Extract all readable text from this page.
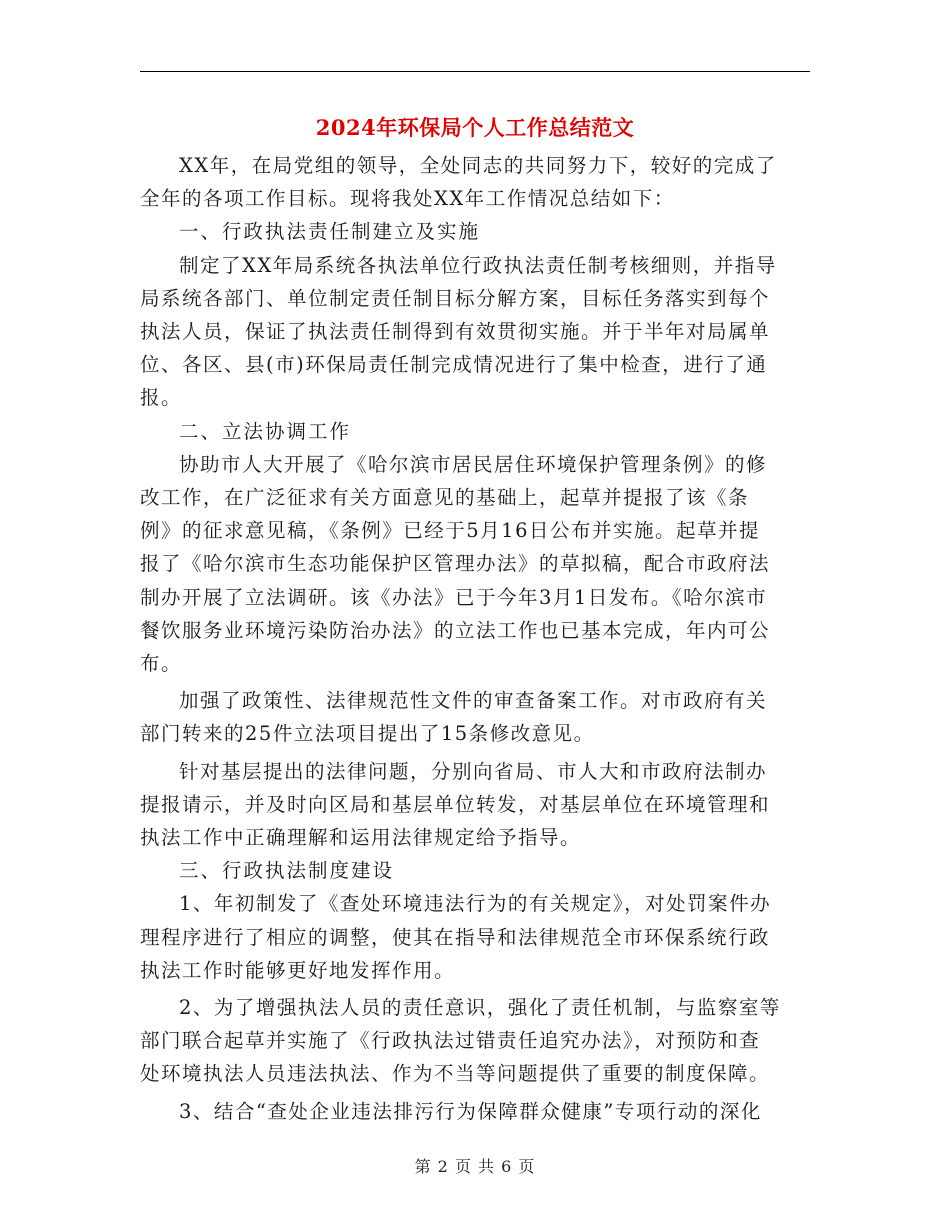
2024年环保局个人工作总结范文

XX年，在局党组的领导，全处同志的共同努力下，较好的完成了
全年的各项工作目标。现将我处XX年工作情况总结如下：

一、行政执法责任制建立及实施

制定了XX年局系统各执法单位行政执法责任制考核细则，并指导
局系统各部门、单位制定责任制目标分解方案，目标任务落实到每个
执法人员，保证了执法责任制得到有效贯彻实施。并于半年对局属单
位、各区、县(市)环保局责任制完成情况进行了集中检查，进行了通
报。

二、立法协调工作

协助市人大开展了《哈尔滨市居民居住环境保护管理条例》的修
改工作，在广泛征求有关方面意见的基础上，起草并提报了该《条
例》的征求意见稿，《条例》已经于5月16日公布并实施。起草并提
报了《哈尔滨市生态功能保护区管理办法》的草拟稿，配合市政府法
制办开展了立法调研。该《办法》已于今年3月1日发布。《哈尔滨市
餐饮服务业环境污染防治办法》的立法工作也已基本完成，年内可公
布。

加强了政策性、法律规范性文件的审查备案工作。对市政府有关
部门转来的25件立法项目提出了15条修改意见。

针对基层提出的法律问题，分别向省局、市人大和市政府法制办
提报请示，并及时向区局和基层单位转发，对基层单位在环境管理和
执法工作中正确理解和运用法律规定给予指导。

三、行政执法制度建设

1、年初制发了《查处环境违法行为的有关规定》，对处罚案件办
理程序进行了相应的调整，使其在指导和法律规范全市环保系统行政
执法工作时能够更好地发挥作用。

2、为了增强执法人员的责任意识，强化了责任机制，与监察室等
部门联合起草并实施了《行政执法过错责任追究办法》，对预防和查
处环境执法人员违法执法、作为不当等问题提供了重要的制度保障。

3、结合“查处企业违法排污行为保障群众健康”专项行动的深化

第 2 页 共 6 页
